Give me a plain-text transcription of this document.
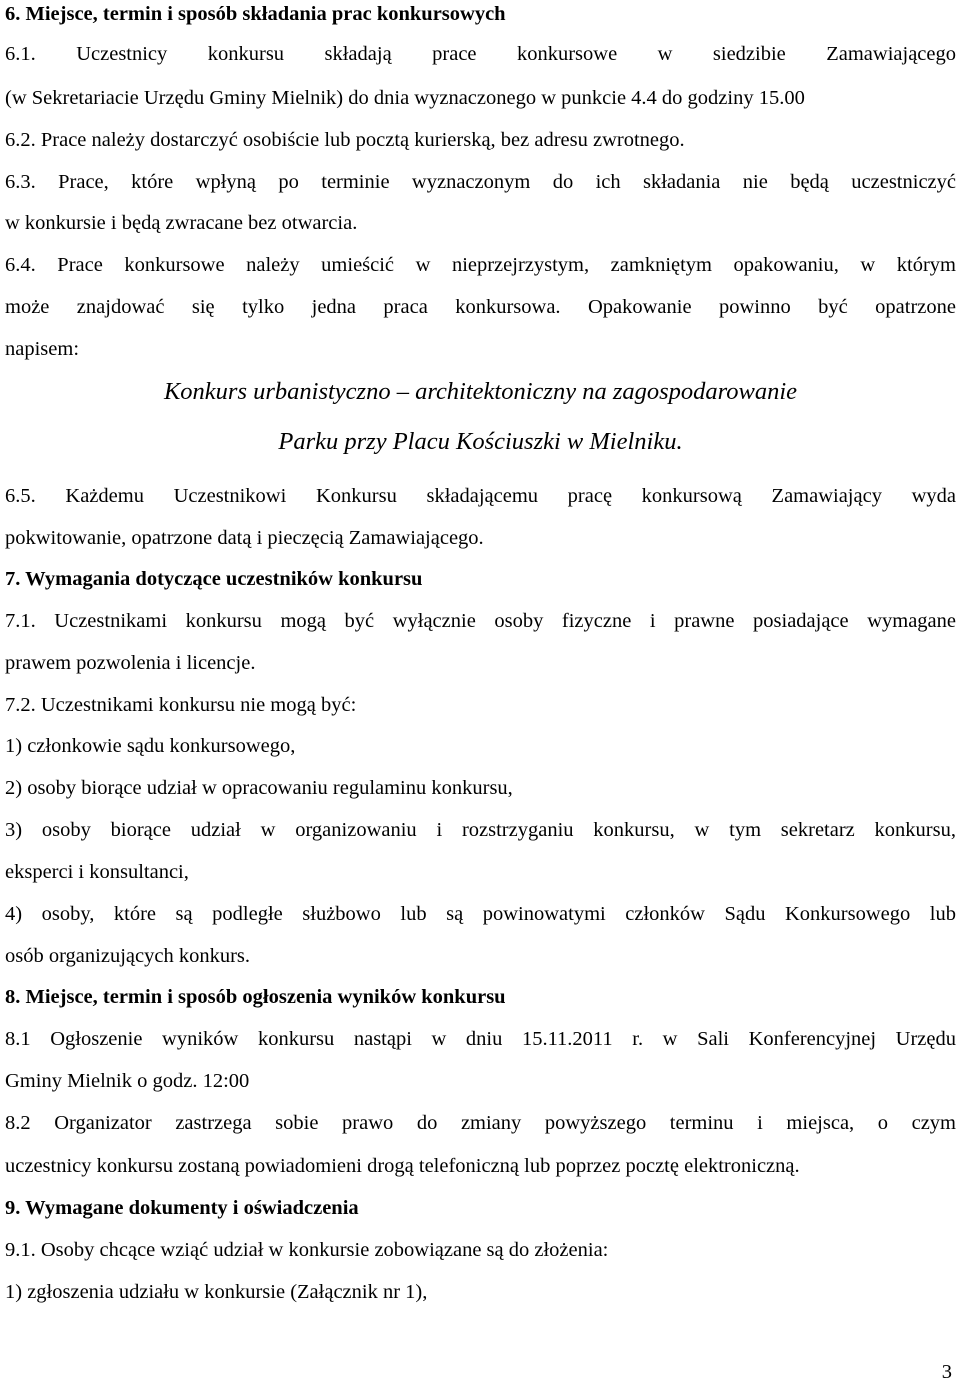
6. Miejsce, termin i sposób składania prac konkursowych
6.1. Uczestnicy konkursu składają prace konkursowe w siedzibie Zamawiającego
(w Sekretariacie Urzędu Gminy Mielnik) do dnia wyznaczonego w punkcie 4.4 do godziny 15.00
6.2. Prace należy dostarczyć osobiście lub pocztą kurierską, bez adresu zwrotnego.
6.3. Prace, które wpłyną po terminie wyznaczonym do ich składania nie będą uczestniczyć
w konkursie i będą zwracane bez otwarcia.
6.4. Prace konkursowe należy umieścić w nieprzejrzystym, zamkniętym opakowaniu, w którym
może znajdować się tylko jedna praca konkursowa. Opakowanie powinno być opatrzone
napisem:
Konkurs urbanistyczno – architektoniczny na zagospodarowanie
Parku przy Placu Kościuszki w Mielniku.
6.5. Każdemu Uczestnikowi Konkursu składającemu pracę konkursową Zamawiający wyda
pokwitowanie, opatrzone datą i pieczęcią Zamawiającego.
7. Wymagania dotyczące uczestników konkursu
7.1. Uczestnikami konkursu mogą być wyłącznie osoby fizyczne i prawne posiadające wymagane
prawem pozwolenia i licencje.
7.2. Uczestnikami konkursu nie mogą być:
1) członkowie sądu konkursowego,
2) osoby biorące udział w opracowaniu regulaminu konkursu,
3) osoby biorące udział w organizowaniu i rozstrzyganiu konkursu, w tym sekretarz konkursu,
eksperci i konsultanci,
4) osoby, które są podległe służbowo lub są powinowatymi członków Sądu Konkursowego lub
osób organizujących konkurs.
8. Miejsce, termin i sposób ogłoszenia wyników konkursu
8.1 Ogłoszenie wyników konkursu nastąpi w dniu 15.11.2011 r. w Sali Konferencyjnej Urzędu
Gminy Mielnik o godz. 12:00
8.2 Organizator zastrzega sobie prawo do zmiany powyższego terminu i miejsca, o czym
uczestnicy konkursu zostaną powiadomieni drogą telefoniczną lub poprzez pocztę elektroniczną.
9. Wymagane dokumenty i oświadczenia
9.1. Osoby chcące wziąć udział w konkursie zobowiązane są do złożenia:
1) zgłoszenia udziału w konkursie (Załącznik nr 1),
3
